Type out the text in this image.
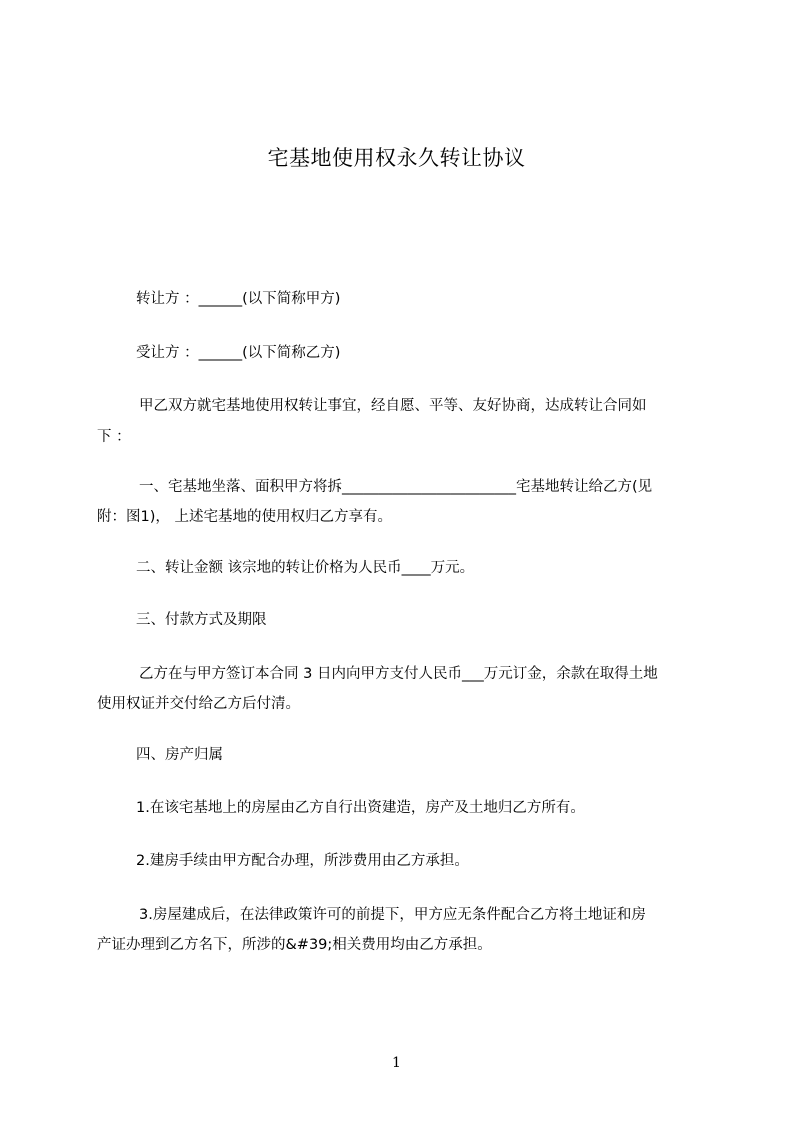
宅基地使用权永久转让协议
转让方 ：______(以下简称甲方)
受让方 ：______(以下简称乙方)
甲乙双方就宅基地使用权转让事宜，经自愿、平等、友好协商，达成转让合同如
下 ：
一、宅基地坐落、面积甲方将拆________________________宅基地转让给乙方(见
附：图1)， 上述宅基地的使用权归乙方享有。
二、转让金额 该宗地的转让价格为人民币____万元。
三、付款方式及期限
乙方在与甲方签订本合同 3 日内向甲方支付人民币___万元订金，余款在取得土地
使用权证并交付给乙方后付清。
四、房产归属
1.在该宅基地上的房屋由乙方自行出资建造，房产及土地归乙方所有。
2.建房手续由甲方配合办理，所涉费用由乙方承担。
3.房屋建成后，在法律政策许可的前提下，甲方应无条件配合乙方将土地证和房
产证办理到乙方名下，所涉的&#39;相关费用均由乙方承担。
1
